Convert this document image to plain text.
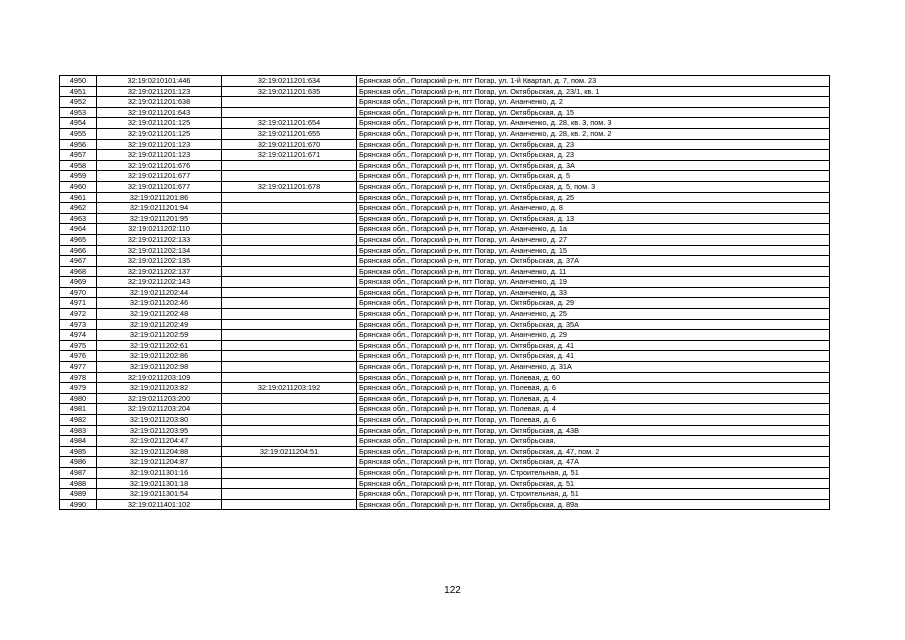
4950	32:19:0210101:446	32:19:0211201:634	Брянская обл., Погарский р-н, пгт Погар, ул. 1-й Квартал, д. 7, пом. 23
4951	32:19:0211201:123	32:19:0211201:635	Брянская обл., Погарский р-н, пгт Погар, ул. Октябрьская, д. 23/1, кв. 1
4952	32:19:0211201:638		Брянская обл., Погарский р-н, пгт Погар, ул. Ананченко, д. 2
4953	32:19:0211201:643		Брянская обл., Погарский р-н, пгт Погар, ул. Октябрьская, д. 15
4954	32:19:0211201:125	32:19:0211201:654	Брянская обл., Погарский р-н, пгт Погар, ул. Ананченко, д. 28, кв. 3, пом. 3
4955	32:19:0211201:125	32:19:0211201:655	Брянская обл., Погарский р-н, пгт Погар, ул. Ананченко, д. 28, кв. 2, пом. 2
4956	32:19:0211201:123	32:19:0211201:670	Брянская обл., Погарский р-н, пгт Погар, ул. Октябрьская, д. 23
4957	32:19:0211201:123	32:19:0211201:671	Брянская обл., Погарский р-н, пгт Погар, ул. Октябрьская, д. 23
4958	32:19:0211201:676		Брянская обл., Погарский р-н, пгт Погар, ул. Октябрьская, д. 3А
4959	32:19:0211201:677		Брянская обл., Погарский р-н, пгт Погар, ул. Октябрьская, д. 5
4960	32:19:0211201:677	32:19:0211201:678	Брянская обл., Погарский р-н, пгт Погар, ул. Октябрьская, д. 5, пом. 3
4961	32:19:0211201:86		Брянская обл., Погарский р-н, пгт Погар, ул. Октябрьская, д. 25
4962	32:19:0211201:94		Брянская обл., Погарский р-н, пгт Погар, ул. Ананченко, д. 8
4963	32:19:0211201:95		Брянская обл., Погарский р-н, пгт Погар, ул. Октябрьская, д. 13
4964	32:19:0211202:110		Брянская обл., Погарский р-н, пгт Погар, ул. Ананченко, д. 1а
4965	32:19:0211202:133		Брянская обл., Погарский р-н, пгт Погар, ул. Ананченко, д. 27
4966	32:19:0211202:134		Брянская обл., Погарский р-н, пгт Погар, ул. Ананченко, д. 15
4967	32:19:0211202:135		Брянская обл., Погарский р-н, пгт Погар, ул. Октябрьская, д. 37А
4968	32:19:0211202:137		Брянская обл., Погарский р-н, пгт Погар, ул. Ананченко, д. 11
4969	32:19:0211202:143		Брянская обл., Погарский р-н, пгт Погар, ул. Ананченко, д. 19
4970	32:19:0211202:44		Брянская обл., Погарский р-н, пгт Погар, ул. Ананченко, д. 33
4971	32:19:0211202:46		Брянская обл., Погарский р-н, пгт Погар, ул. Октябрьская, д. 29
4972	32:19:0211202:48		Брянская обл., Погарский р-н, пгт Погар, ул. Ананченко, д. 25
4973	32:19:0211202:49		Брянская обл., Погарский р-н, пгт Погар, ул. Октябрьская, д. 35А
4974	32:19:0211202:59		Брянская обл., Погарский р-н, пгт Погар, ул. Ананченко, д. 29
4975	32:19:0211202:61		Брянская обл., Погарский р-н, пгт Погар, ул. Октябрьская, д. 41
4976	32:19:0211202:86		Брянская обл., Погарский р-н, пгт Погар, ул. Октябрьская, д. 41
4977	32:19:0211202:98		Брянская обл., Погарский р-н, пгт Погар, ул. Ананченко, д. 31А
4978	32:19:0211203:109		Брянская обл., Погарский р-н, пгт Погар, ул. Полевая, д. 60
4979	32:19:0211203:82	32:19:0211203:192	Брянская обл., Погарский р-н, пгт Погар, ул. Полевая, д. 6
4980	32:19:0211203:200		Брянская обл., Погарский р-н, пгт Погар, ул. Полевая, д. 4
4981	32:19:0211203:204		Брянская обл., Погарский р-н, пгт Погар, ул. Полевая, д. 4
4982	32:19:0211203:80		Брянская обл., Погарский р-н, пгт Погар, ул. Полевая, д. 6
4983	32:19:0211203:95		Брянская обл., Погарский р-н, пгт Погар, ул. Октябрьская, д. 43В
4984	32:19:0211204:47		Брянская обл., Погарский р-н, пгт Погар, ул. Октябрьская,
4985	32:19:0211204:88	32:19:0211204:51	Брянская обл., Погарский р-н, пгт Погар, ул. Октябрьская, д. 47, пом. 2
4986	32:19:0211204:87		Брянская обл., Погарский р-н, пгт Погар, ул. Октябрьская, д. 47А
4987	32:19:0211301:16		Брянская обл., Погарский р-н, пгт Погар, ул. Строительная, д. 51
4988	32:19:0211301:18		Брянская обл., Погарский р-н, пгт Погар, ул. Октябрьская, д. 51
4989	32:19:0211301:54		Брянская обл., Погарский р-н, пгт Погар, ул. Строительная, д. 51
4990	32:19:0211401:102		Брянская обл., Погарский р-н, пгт Погар, ул. Октябрьская, д. 89а
122
